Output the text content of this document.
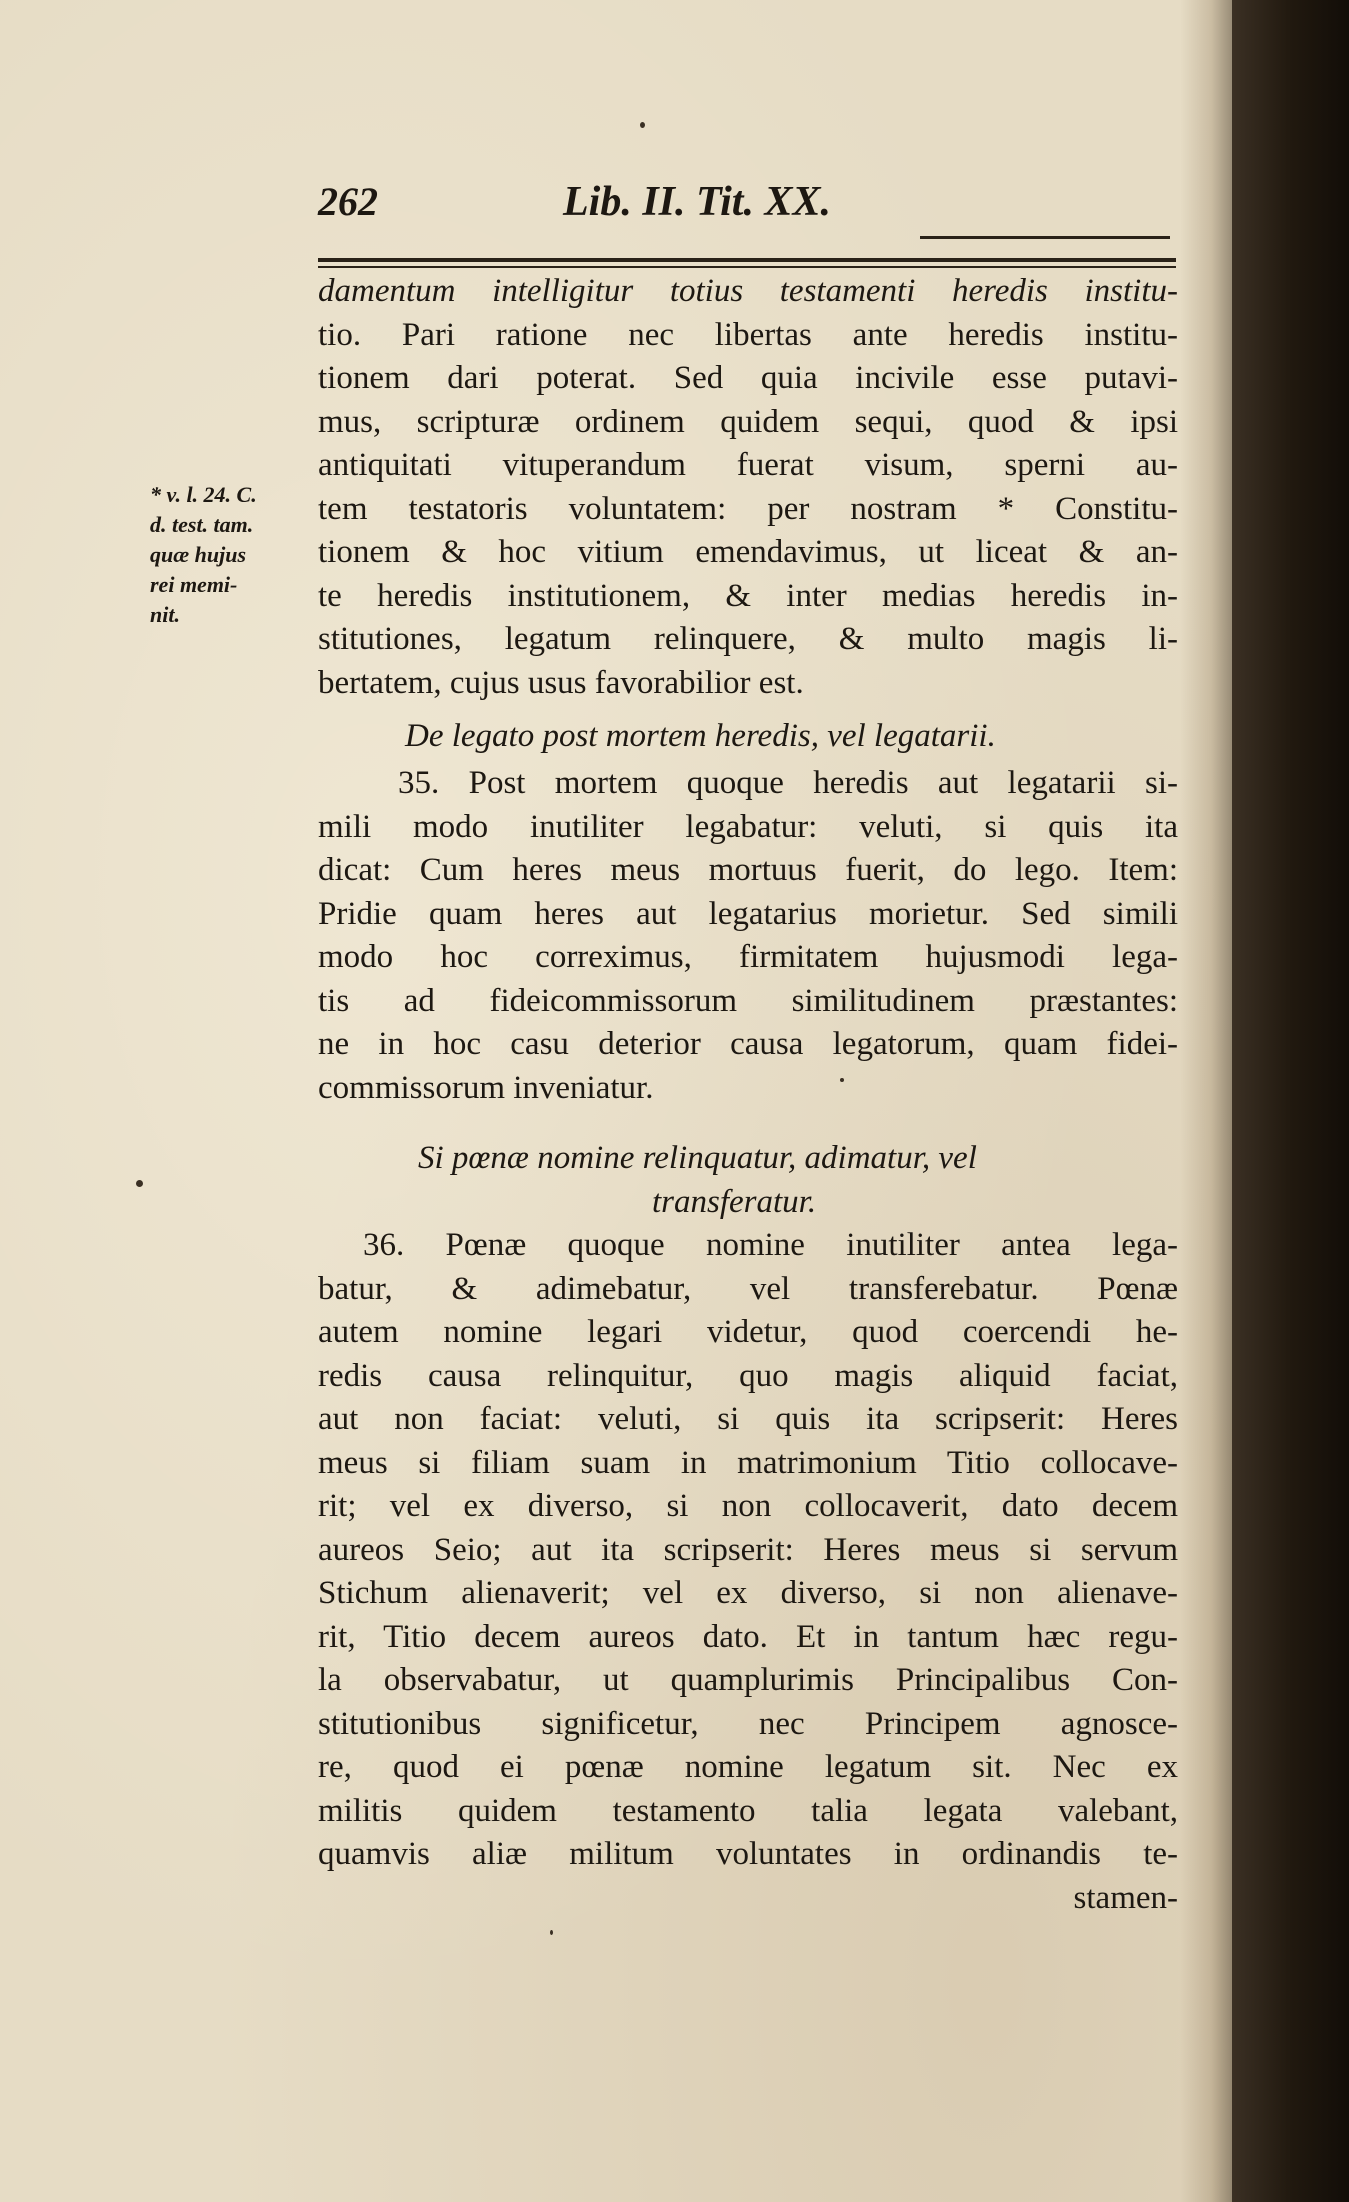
262	Lib. II. Tit. XX.
* v. l. 24. C.
d. test. tam.
quæ hujus
rei memi-
nit.
damentum intelligitur totius testamenti heredis institu-
tio. Pari ratione nec libertas ante heredis institu-
tionem dari poterat. Sed quia incivile esse putavi-
mus, scripturæ ordinem quidem sequi, quod & ipsi
antiquitati vituperandum fuerat visum, sperni au-
tem testatoris voluntatem: per nostram * Constitu-
tionem & hoc vitium emendavimus, ut liceat & an-
te heredis institutionem, & inter medias heredis in-
stitutiones, legatum relinquere, & multo magis li-
bertatem, cujus usus favorabilior est.
De legato post mortem heredis, vel legatarii.
35. Post mortem quoque heredis aut legatarii si-
mili modo inutiliter legabatur: veluti, si quis ita
dicat: Cum heres meus mortuus fuerit, do lego. Item:
Pridie quam heres aut legatarius morietur. Sed simili
modo hoc correximus, firmitatem hujusmodi lega-
tis ad fideicommissorum similitudinem præstantes:
ne in hoc casu deterior causa legatorum, quam fidei-
commissorum inveniatur.
Si pœnæ nomine relinquatur, adimatur, vel
transferatur.
36. Pœnæ quoque nomine inutiliter antea lega-
batur, & adimebatur, vel transferebatur. Pœnæ
autem nomine legari videtur, quod coercendi he-
redis causa relinquitur, quo magis aliquid faciat,
aut non faciat: veluti, si quis ita scripserit: Heres
meus si filiam suam in matrimonium Titio collocave-
rit; vel ex diverso, si non collocaverit, dato decem
aureos Seio; aut ita scripserit: Heres meus si servum
Stichum alienaverit; vel ex diverso, si non alienave-
rit, Titio decem aureos dato. Et in tantum hæc regu-
la observabatur, ut quamplurimis Principalibus Con-
stitutionibus significetur, nec Principem agnosce-
re, quod ei pœnæ nomine legatum sit. Nec ex
militis quidem testamento talia legata valebant,
quamvis aliæ militum voluntates in ordinandis te-
stamen-
